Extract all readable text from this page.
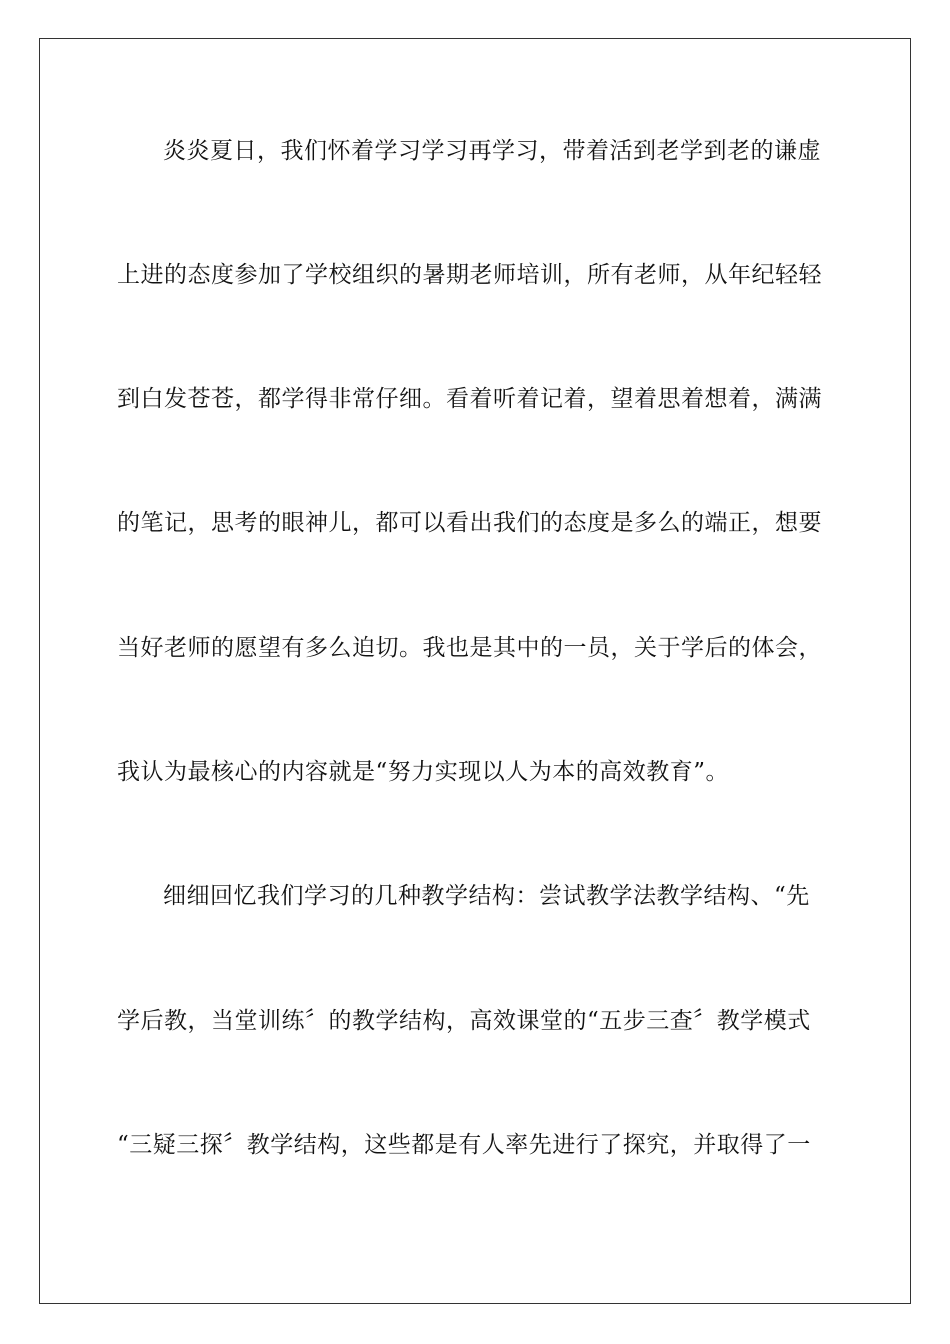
炎炎夏日，我们怀着学习学习再学习，带着活到老学到老的谦虚
上进的态度参加了学校组织的暑期老师培训，所有老师，从年纪轻轻
到白发苍苍，都学得非常仔细。看着听着记着，望着思着想着，满满
的笔记，思考的眼神儿，都可以看出我们的态度是多么的端正，想要
当好老师的愿望有多么迫切。我也是其中的一员，关于学后的体会，
我认为最核心的内容就是“努力实现以人为本的高效教育”。
细细回忆我们学习的几种教学结构：尝试教学法教学结构、“先
学后教，当堂训练〞的教学结构，高效课堂的“五步三查〞教学模式
“三疑三探〞教学结构，这些都是有人率先进行了探究，并取得了一
